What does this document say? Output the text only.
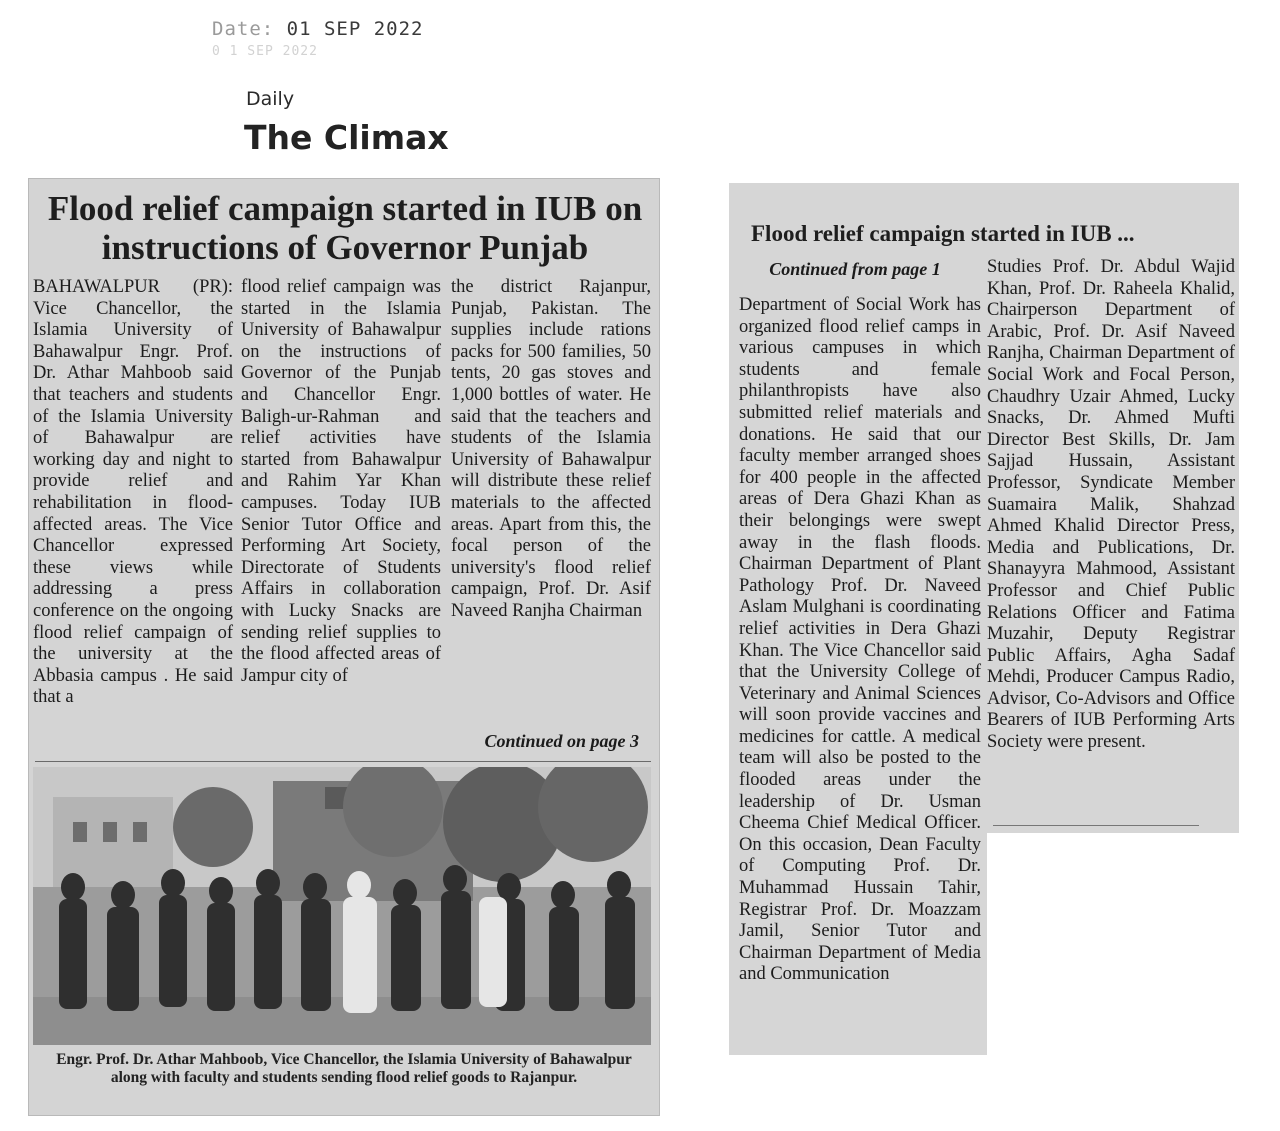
Date: 01 SEP 2022
0 1 SEP 2022
Daily
The Climax
Flood relief campaign started in IUB on instructions of Governor Punjab
BAHAWALPUR (PR): Vice Chancellor, the Islamia University of Bahawalpur Engr. Prof. Dr. Athar Mahboob said that teachers and students of the Islamia University of Bahawalpur are working day and night to provide relief and rehabilitation in flood-affected areas. The Vice Chancellor expressed these views while addressing a press conference on the ongoing flood relief campaign of the university at the Abbasia campus . He said that a
flood relief campaign was started in the Islamia University of Bahawalpur on the instructions of Governor of the Punjab and Chancellor Engr. Baligh-ur-Rahman and relief activities have started from Bahawalpur and Rahim Yar Khan campuses. Today IUB Senior Tutor Office and Performing Art Society, Directorate of Students Affairs in collaboration with Lucky Snacks are sending relief supplies to the flood affected areas of Jampur city of
the district Rajanpur, Punjab, Pakistan. The supplies include rations packs for 500 families, 50 tents, 20 gas stoves and 1,000 bottles of water. He said that the teachers and students of the Islamia University of Bahawalpur will distribute these relief materials to the affected areas. Apart from this, the focal person of the university's flood relief campaign, Prof. Dr. Asif Naveed Ranjha Chairman
Continued on page 3
Engr. Prof. Dr. Athar Mahboob, Vice Chancellor, the Islamia University of Bahawalpur along with faculty and students sending flood relief goods to Rajanpur.
Flood relief campaign started in IUB ...
Continued from page 1
Department of Social Work has organized flood relief camps in various campuses in which students and female philanthropists have also submitted relief materials and donations. He said that our faculty member arranged shoes for 400 people in the affected areas of Dera Ghazi Khan as their belongings were swept away in the flash floods. Chairman Department of Plant Pathology Prof. Dr. Naveed Aslam Mulghani is coordinating relief activities in Dera Ghazi Khan. The Vice Chancellor said that the University College of Veterinary and Animal Sciences will soon provide vaccines and medicines for cattle. A medical team will also be posted to the flooded areas under the leadership of Dr. Usman Cheema Chief Medical Officer. On this occasion, Dean Faculty of Computing Prof. Dr. Muhammad Hussain Tahir, Registrar Prof. Dr. Moazzam Jamil, Senior Tutor and Chairman Department of Media and Communication
Studies Prof. Dr. Abdul Wajid Khan, Prof. Dr. Raheela Khalid, Chairperson Department of Arabic, Prof. Dr. Asif Naveed Ranjha, Chairman Department of Social Work and Focal Person, Chaudhry Uzair Ahmed, Lucky Snacks, Dr. Ahmed Mufti Director Best Skills, Dr. Jam Sajjad Hussain, Assistant Professor, Syndicate Member Suamaira Malik, Shahzad Ahmed Khalid Director Press, Media and Publications, Dr. Shanayyra Mahmood, Assistant Professor and Chief Public Relations Officer and Fatima Muzahir, Deputy Registrar Public Affairs, Agha Sadaf Mehdi, Producer Campus Radio, Advisor, Co-Advisors and Office Bearers of IUB Performing Arts Society were present.
